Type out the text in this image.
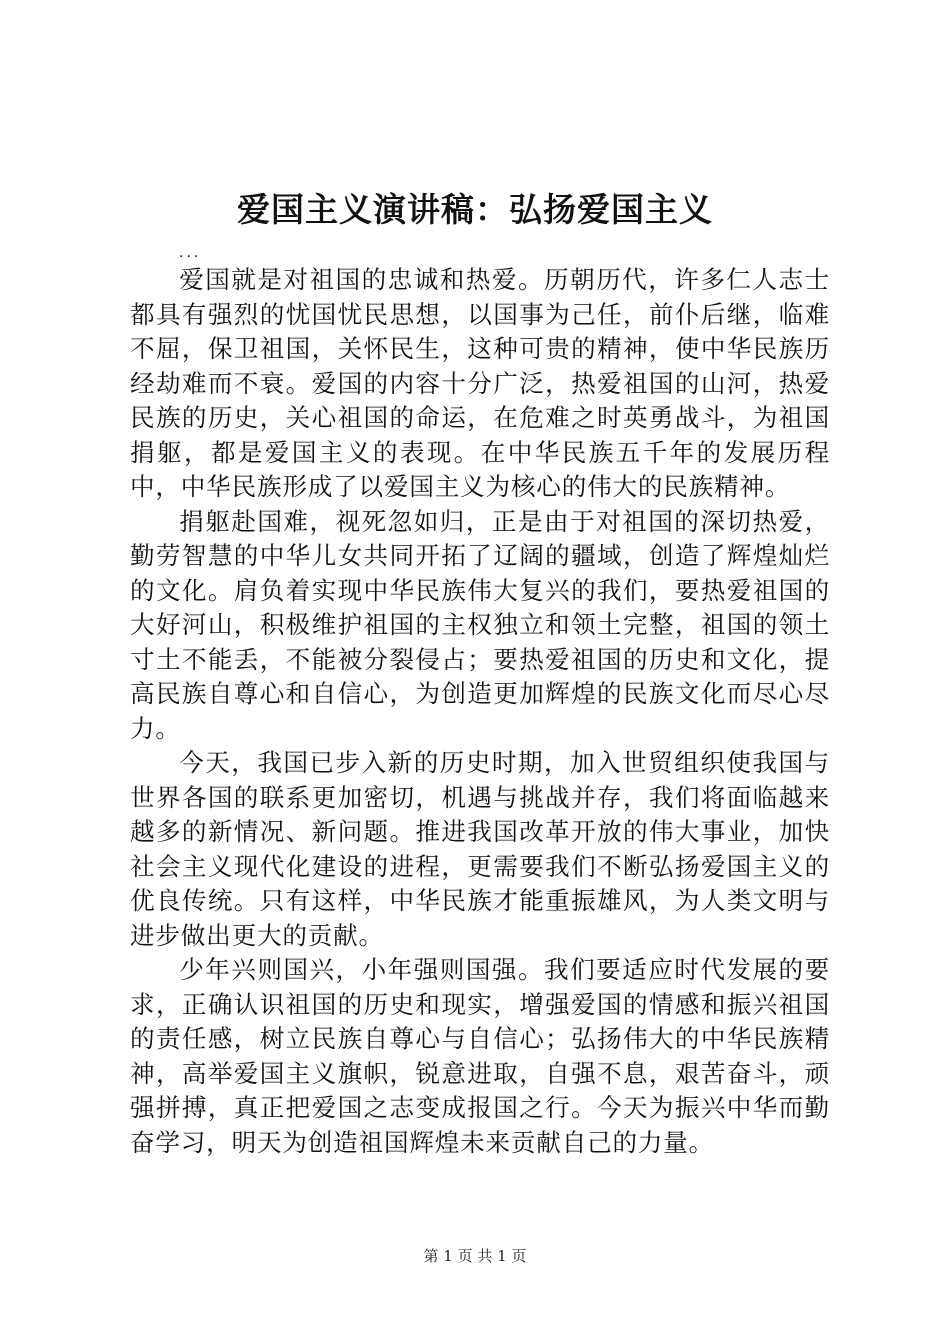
爱国主义演讲稿：弘扬爱国主义
...

爱国就是对祖国的忠诚和热爱。历朝历代，许多仁人志士都具有强烈的忧国忧民思想，以国事为己任，前仆后继，临难不屈，保卫祖国，关怀民生，这种可贵的精神，使中华民族历经劫难而不衰。爱国的内容十分广泛，热爱祖国的山河，热爱民族的历史，关心祖国的命运，在危难之时英勇战斗，为祖国捐躯，都是爱国主义的表现。在中华民族五千年的发展历程中，中华民族形成了以爱国主义为核心的伟大的民族精神。

捐躯赴国难，视死忽如归，正是由于对祖国的深切热爱，勤劳智慧的中华儿女共同开拓了辽阔的疆域，创造了辉煌灿烂的文化。肩负着实现中华民族伟大复兴的我们，要热爱祖国的大好河山，积极维护祖国的主权独立和领土完整，祖国的领土寸土不能丢，不能被分裂侵占；要热爱祖国的历史和文化，提高民族自尊心和自信心，为创造更加辉煌的民族文化而尽心尽力。

今天，我国已步入新的历史时期，加入世贸组织使我国与世界各国的联系更加密切，机遇与挑战并存，我们将面临越来越多的新情况、新问题。推进我国改革开放的伟大事业，加快社会主义现代化建设的进程，更需要我们不断弘扬爱国主义的优良传统。只有这样，中华民族才能重振雄风，为人类文明与进步做出更大的贡献。

少年兴则国兴，小年强则国强。我们要适应时代发展的要求，正确认识祖国的历史和现实，增强爱国的情感和振兴祖国的责任感，树立民族自尊心与自信心；弘扬伟大的中华民族精神，高举爱国主义旗帜，锐意进取，自强不息，艰苦奋斗，顽强拼搏，真正把爱国之志变成报国之行。今天为振兴中华而勤奋学习，明天为创造祖国辉煌未来贡献自己的力量。

第 1 页 共 1 页
